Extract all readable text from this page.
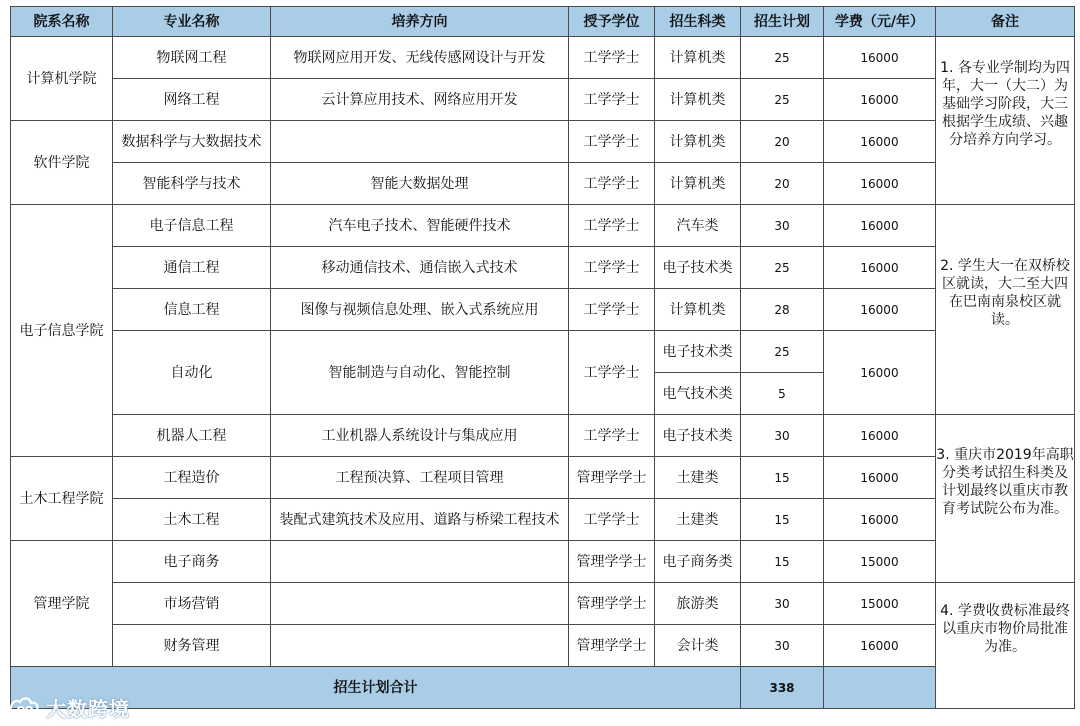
院系名称	专业名称	培养方向	授予学位	招生科类	招生计划	学费（元/年）	备注
计算机学院	物联网工程	物联网应用开发、无线传感网设计与开发	工学学士	计算机类	25	16000	1. 各专业学制均为四年，大一（大二）为基础学习阶段，大三根据学生成绩、兴趣分培养方向学习。

	网络工程	云计算应用技术、网络应用开发	工学学士	计算机类	25	16000	
软件学院	数据科学与大数据技术		工学学士	计算机类	20	16000	
	智能科学与技术	智能大数据处理	工学学士	计算机类	20	16000	
电子信息学院	电子信息工程	汽车电子技术、智能硬件技术	工学学士	汽车类	30	16000	2. 学生大一在双桥校区就读，大二至大四在巴南南泉校区就读。

	通信工程	移动通信技术、通信嵌入式技术	工学学士	电子技术类	25	16000	
	信息工程	图像与视频信息处理、嵌入式系统应用	工学学士	计算机类	28	16000	
	自动化	智能制造与自动化、智能控制	工学学士	电子技术类	25	16000	
				电气技术类	5		
	机器人工程	工业机器人系统设计与集成应用	工学学士	电子技术类	30	16000	3. 重庆市2019年高职分类考试招生科类及计划最终以重庆市教育考试院公布为准。

土木工程学院	工程造价	工程预决算、工程项目管理	管理学学士	土建类	15	16000	
	土木工程	装配式建筑技术及应用、道路与桥梁工程技术	工学学士	土建类	15	16000	
管理学院	电子商务		管理学学士	电子商务类	15	15000	
	市场营销		管理学学士	旅游类	30	15000	4. 学费收费标准最终以重庆市物价局批准为准。

	财务管理		管理学学士	会计类	30	16000	
招生计划合计					338		
大数跨境
